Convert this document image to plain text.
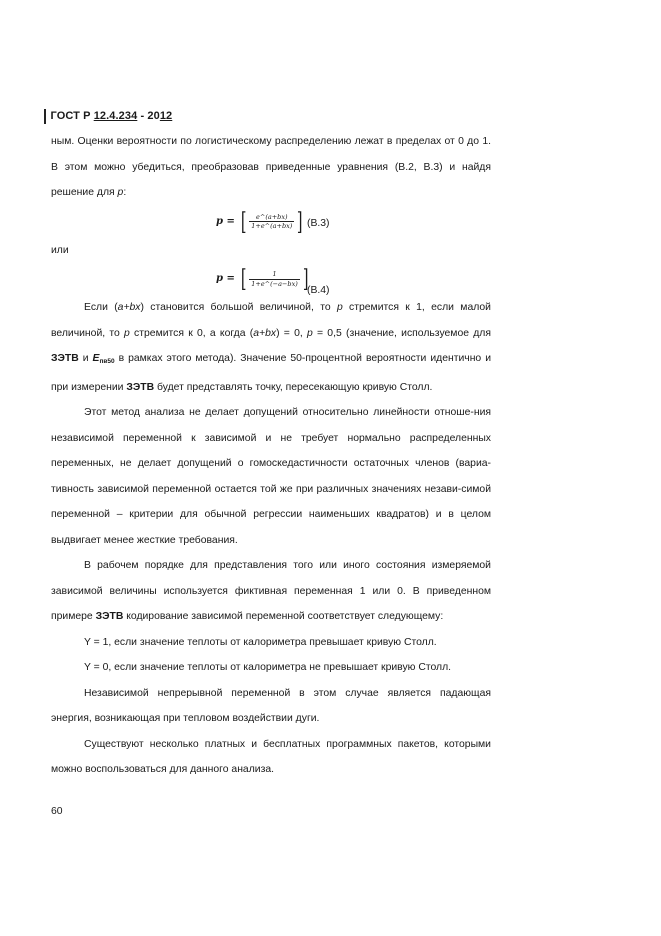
ГОСТ Р 12.4.234 - 2012

ным. Оценки вероятности по логистическому распределению лежат в пределах от 0 до 1. В этом можно убедиться, преобразовав приведенные уравнения (В.2, В.3) и найдя решение для p:

p = [ $\frac{e\^{}(a+bx)}{1+e\^{}(a+bx)}$ ] (В.3)

или

p = [ $\frac{1}{1+e\^{}(-a-bx)}$ ]
(В.4)

Если (a+bx) становится большой величиной, то p стремится к 1, если малой величиной, то p стремится к 0, а когда (a+bx) = 0, p = 0,5 (значение, используемое для ЗЭТВ и $E_{пв50}$ в рамках этого метода). Значение 50-процентной вероятности идентично и при измерении ЗЭТВ будет представлять точку, пересекающую кривую Столл.

Этот метод анализа не делает допущений относительно линейности отноше-ния независимой переменной к зависимой и не требует нормально распределенных переменных, не делает допущений о гомоскедастичности остаточных членов (вариа-тивность зависимой переменной остается той же при различных значениях незави-симой переменной – критерии для обычной регрессии наименьших квадратов) и в целом выдвигает менее жесткие требования.

В рабочем порядке для представления того или иного состояния измеряемой зависимой величины используется фиктивная переменная 1 или 0. В приведенном примере ЗЭТВ кодирование зависимой переменной соответствует следующему:

Y = 1, если значение теплоты от калориметра превышает кривую Столл.

Y = 0, если значение теплоты от калориметра не превышает кривую Столл.

Независимой непрерывной переменной в этом случае является падающая энергия, возникающая при тепловом воздействии дуги.

Существуют несколько платных и бесплатных программных пакетов, которыми можно воспользоваться для данного анализа.

60
